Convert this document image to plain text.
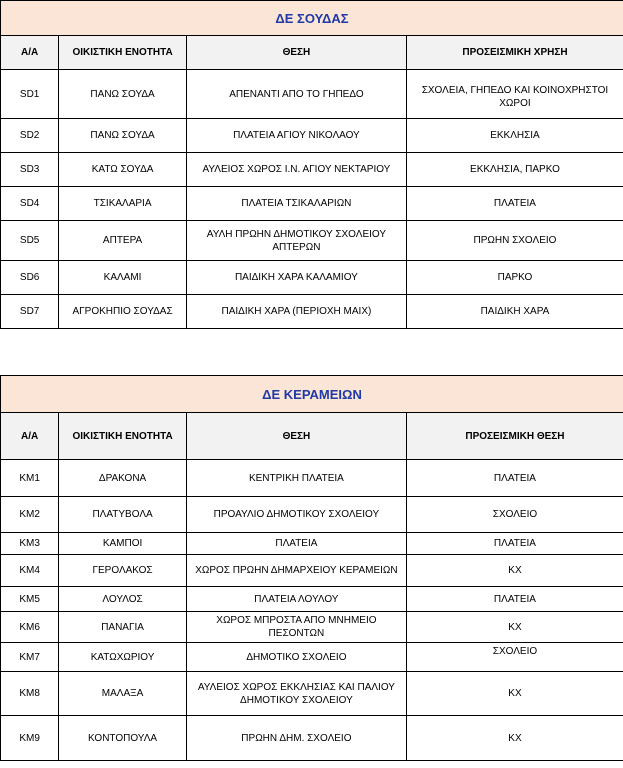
ΔΕ ΣΟΥΔΑΣ			
Α/Α	ΟΙΚΙΣΤΙΚΗ ΕΝΟΤΗΤΑ	ΘΕΣΗ	ΠΡΟΣΕΙΣΜΙΚΗ ΧΡΗΣΗ
SD1	ΠΑΝΩ ΣΟΥΔΑ	ΑΠΕΝΑΝΤΙ ΑΠΟ ΤΟ ΓΗΠΕΔΟ	ΣΧΟΛΕΙΑ, ΓΗΠΕΔΟ ΚΑΙ ΚΟΙΝΟΧΡΗΣΤΟΙ ΧΩΡΟΙ
SD2	ΠΑΝΩ ΣΟΥΔΑ	ΠΛΑΤΕΙΑ ΑΓΙΟΥ ΝΙΚΟΛΑΟΥ	ΕΚΚΛΗΣΙΑ
SD3	ΚΑΤΩ ΣΟΥΔΑ	ΑΥΛΕΙΟΣ ΧΩΡΟΣ Ι.Ν. ΑΓΙΟΥ ΝΕΚΤΑΡΙΟΥ	ΕΚΚΛΗΣΙΑ, ΠΑΡΚΟ
SD4	ΤΣΙΚΑΛΑΡΙΑ	ΠΛΑΤΕΙΑ ΤΣΙΚΑΛΑΡΙΩΝ	ΠΛΑΤΕΙΑ
SD5	ΑΠΤΕΡΑ	ΑΥΛΗ ΠΡΩΗΝ ΔΗΜΟΤΙΚΟΥ ΣΧΟΛΕΙΟΥ ΑΠΤΕΡΩΝ	ΠΡΩΗΝ ΣΧΟΛΕΙΟ
SD6	ΚΑΛΑΜΙ	ΠΑΙΔΙΚΗ ΧΑΡΑ ΚΑΛΑΜΙΟΥ	ΠΑΡΚΟ
SD7	ΑΓΡΟΚΗΠΙΟ ΣΟΥΔΑΣ	ΠΑΙΔΙΚΗ ΧΑΡΑ (ΠΕΡΙΟΧΗ ΜΑΙΧ)	ΠΑΙΔΙΚΗ ΧΑΡΑ
ΔΕ ΚΕΡΑΜΕΙΩΝ			
Α/Α	ΟΙΚΙΣΤΙΚΗ ΕΝΟΤΗΤΑ	ΘΕΣΗ	ΠΡΟΣΕΙΣΜΙΚΗ ΘΕΣΗ
ΚΜ1	ΔΡΑΚΟΝΑ	ΚΕΝΤΡΙΚΗ ΠΛΑΤΕΙΑ	ΠΛΑΤΕΙΑ
ΚΜ2	ΠΛΑΤΥΒΟΛΑ	ΠΡΟΑΥΛΙΟ ΔΗΜΟΤΙΚΟΥ ΣΧΟΛΕΙΟΥ	ΣΧΟΛΕΙΟ
ΚΜ3	ΚΑΜΠΟΙ	ΠΛΑΤΕΙΑ	ΠΛΑΤΕΙΑ
ΚΜ4	ΓΕΡΟΛΑΚΟΣ	ΧΩΡΟΣ ΠΡΩΗΝ ΔΗΜΑΡΧΕΙΟΥ ΚΕΡΑΜΕΙΩΝ	ΚΧ
ΚΜ5	ΛΟΥΛΟΣ	ΠΛΑΤΕΙΑ ΛΟΥΛΟΥ	ΠΛΑΤΕΙΑ
ΚΜ6	ΠΑΝΑΓΙΑ	ΧΩΡΟΣ ΜΠΡΟΣΤΑ ΑΠΟ ΜΝΗΜΕΙΟ ΠΕΣΟΝΤΩΝ	ΚΧ
ΚΜ7	ΚΑΤΩΧΩΡΙΟΥ	ΔΗΜΟΤΙΚΟ ΣΧΟΛΕΙΟ	ΣΧΟΛΕΙΟ
ΚΜ8	ΜΑΛΑΞΑ	ΑΥΛΕΙΟΣ ΧΩΡΟΣ ΕΚΚΛΗΣΙΑΣ ΚΑΙ ΠΑΛΙΟΥ ΔΗΜΟΤΙΚΟΥ ΣΧΟΛΕΙΟΥ	ΚΧ
ΚΜ9	ΚΟΝΤΟΠΟΥΛΑ	ΠΡΩΗΝ ΔΗΜ. ΣΧΟΛΕΙΟ	ΚΧ
